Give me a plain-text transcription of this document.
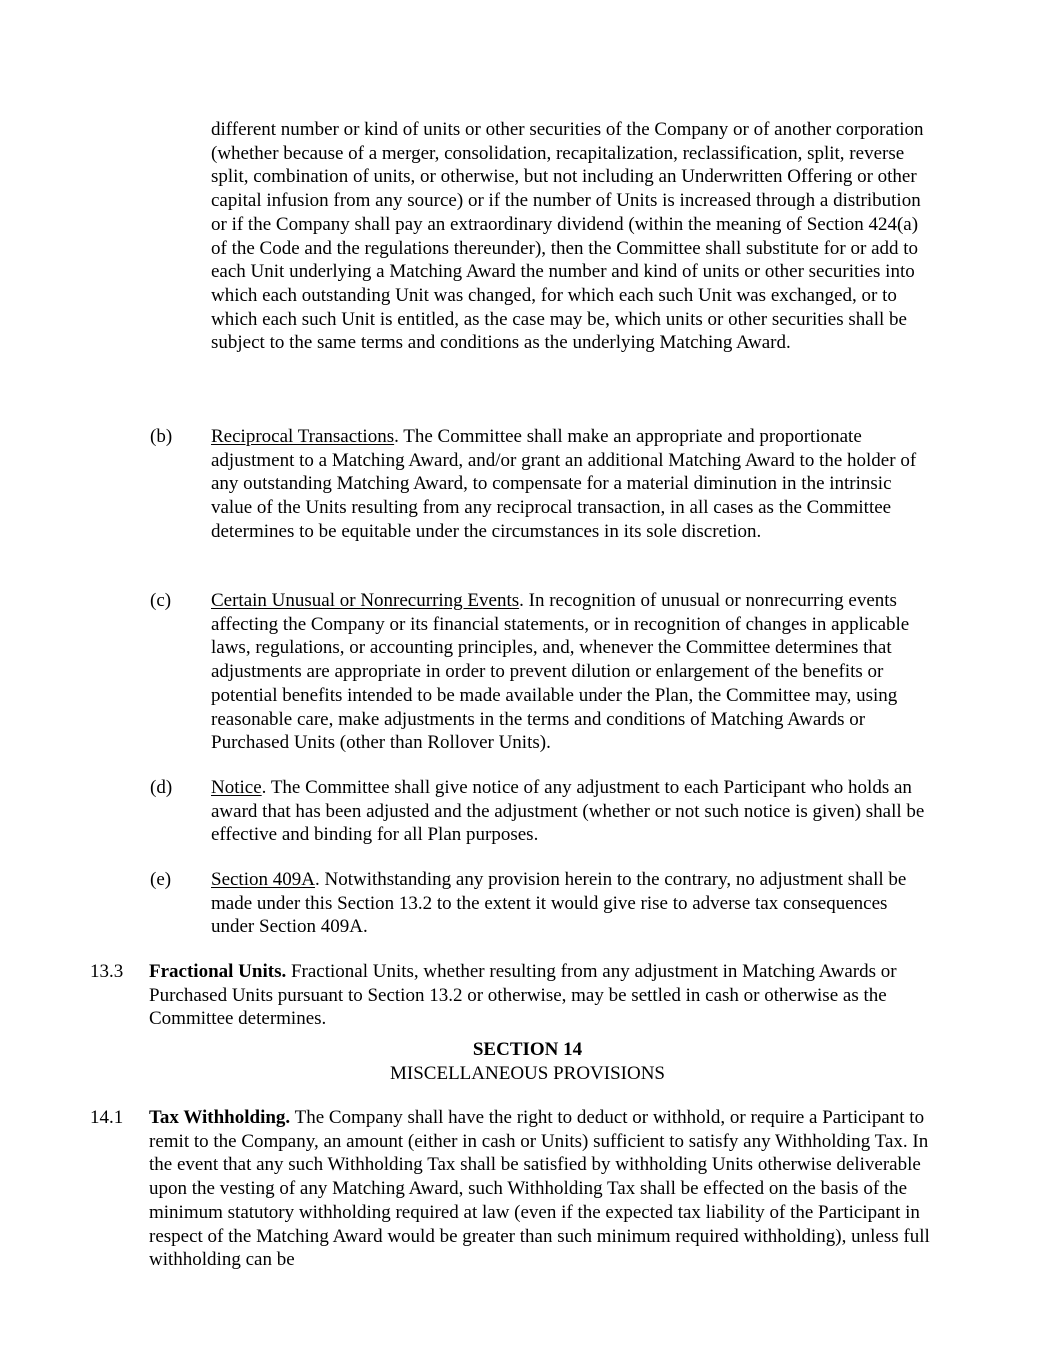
different number or kind of units or other securities of the Company or of another corporation (whether because of a merger, consolidation, recapitalization, reclassification, split, reverse split, combination of units, or otherwise, but not including an Underwritten Offering or other capital infusion from any source) or if the number of Units is increased through a distribution or if the Company shall pay an extraordinary dividend (within the meaning of Section 424(a) of the Code and the regulations thereunder), then the Committee shall substitute for or add to each Unit underlying a Matching Award the number and kind of units or other securities into which each outstanding Unit was changed, for which each such Unit was exchanged, or to which each such Unit is entitled, as the case may be, which units or other securities shall be subject to the same terms and conditions as the underlying Matching Award.

(b) Reciprocal Transactions. The Committee shall make an appropriate and proportionate adjustment to a Matching Award, and/or grant an additional Matching Award to the holder of any outstanding Matching Award, to compensate for a material diminution in the intrinsic value of the Units resulting from any reciprocal transaction, in all cases as the Committee determines to be equitable under the circumstances in its sole discretion.

(c) Certain Unusual or Nonrecurring Events. In recognition of unusual or nonrecurring events affecting the Company or its financial statements, or in recognition of changes in applicable laws, regulations, or accounting principles, and, whenever the Committee determines that adjustments are appropriate in order to prevent dilution or enlargement of the benefits or potential benefits intended to be made available under the Plan, the Committee may, using reasonable care, make adjustments in the terms and conditions of Matching Awards or Purchased Units (other than Rollover Units).

(d) Notice. The Committee shall give notice of any adjustment to each Participant who holds an award that has been adjusted and the adjustment (whether or not such notice is given) shall be effective and binding for all Plan purposes.

(e) Section 409A. Notwithstanding any provision herein to the contrary, no adjustment shall be made under this Section 13.2 to the extent it would give rise to adverse tax consequences under Section 409A.

13.3 Fractional Units. Fractional Units, whether resulting from any adjustment in Matching Awards or Purchased Units pursuant to Section 13.2 or otherwise, may be settled in cash or otherwise as the Committee determines.

SECTION 14
MISCELLANEOUS PROVISIONS
14.1 Tax Withholding. The Company shall have the right to deduct or withhold, or require a Participant to remit to the Company, an amount (either in cash or Units) sufficient to satisfy any Withholding Tax. In the event that any such Withholding Tax shall be satisfied by withholding Units otherwise deliverable upon the vesting of any Matching Award, such Withholding Tax shall be effected on the basis of the minimum statutory withholding required at law (even if the expected tax liability of the Participant in respect of the Matching Award would be greater than such minimum required withholding), unless full withholding can be
